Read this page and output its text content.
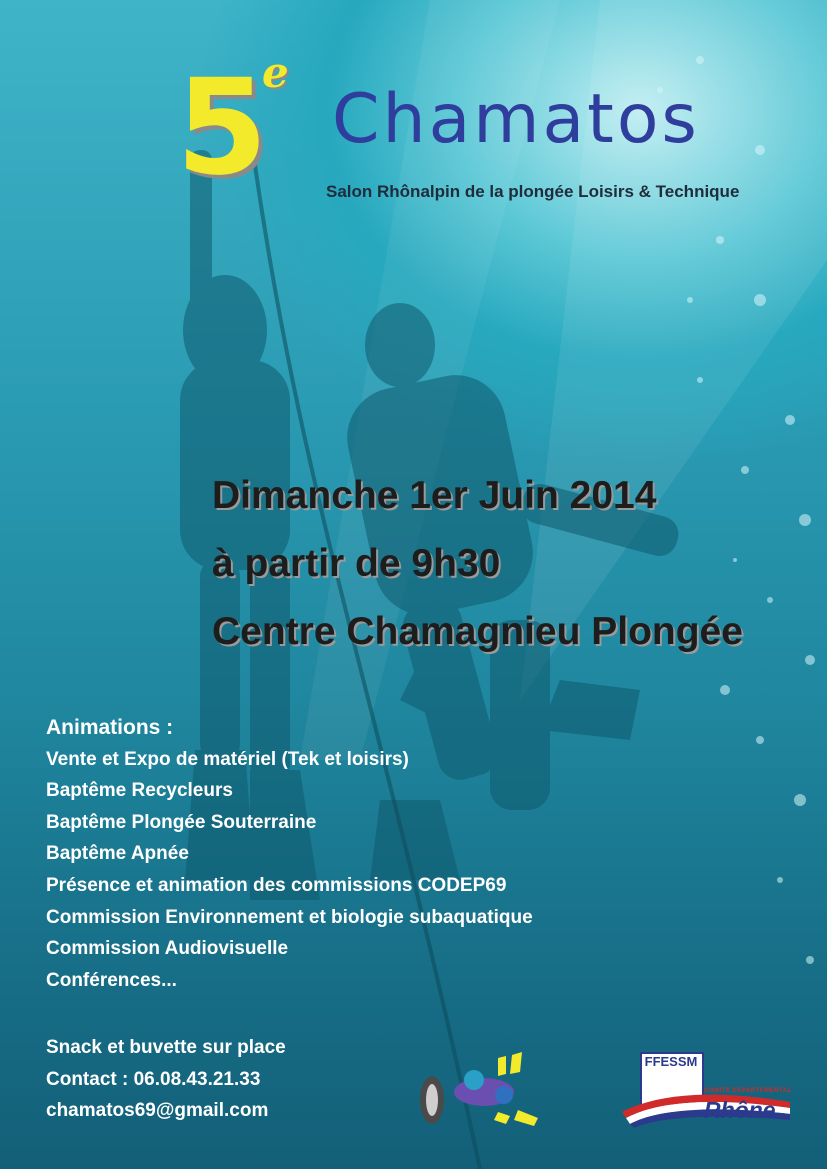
5
e
Chamatos
Salon Rhônalpin de la plongée Loisirs & Technique
Dimanche 1er Juin 2014
à partir de 9h30
Centre Chamagnieu Plongée
Animations :
Vente et Expo de matériel (Tek et loisirs)
Baptême Recycleurs
Baptême Plongée Souterraine
Baptême Apnée
Présence et animation des commissions CODEP69
Commission Environnement et biologie subaquatique
Commission Audiovisuelle
Conférences...
Snack et buvette sur place
Contact : 06.08.43.21.33
chamatos69@gmail.com
FFESSM
COMITE DEPARTEMENTAL
Rhône
